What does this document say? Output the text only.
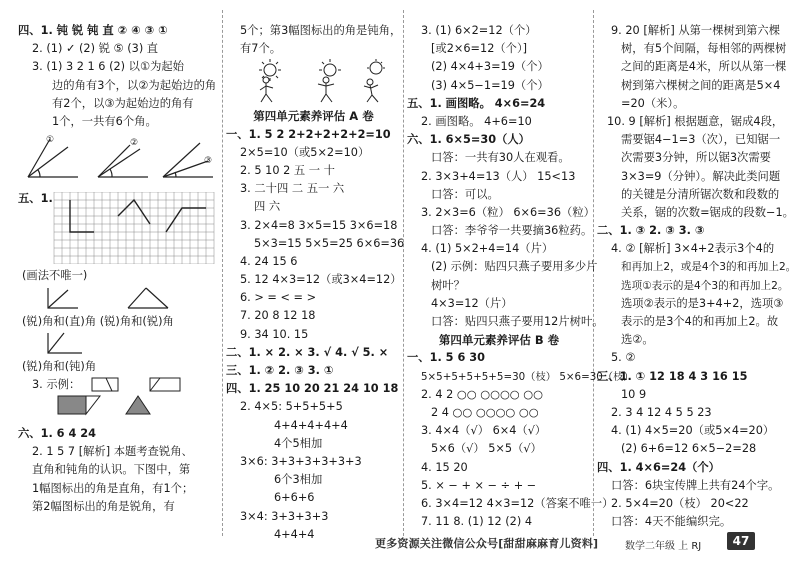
四、1. 钝 锐 钝 直 ② ④ ③ ①
2. (1) ✓ (2) 锐 ⑤ (3) 直
3. (1) 3 2 1 6 (2) 以①为起始
边的角有3个，以②为起始边的角
有2个，以③为起始边的角有
1个，一共有6个角。
①	②
③
五、1.
(画法不唯一)
(锐)角和(直)角 (锐)角和(锐)角
(锐)角和(钝)角
3. 示例：
六、1. 6 4 24
2. 1 5 7 [解析] 本题考查锐角、
直角和钝角的认识。下图中，第
1幅图标出的角是直角，有1个；
第2幅图标出的角是锐角，有
5个；第3幅图标出的角是钝角，
有7个。
第四单元素养评估 A 卷
一、1. 5 2 2+2+2+2+2=10
2×5=10（或5×2=10）
2. 5 10 2 五 一 十
3. 二十四 二 五一 六
四 六
3. 2×4=8 3×5=15 3×6=18
5×3=15 5×5=25 6×6=36
4. 24 15 6
5. 12 4×3=12（或3×4=12）
6. > = < = >
7. 20 8 12 18
9. 34 10. 15
二、1. × 2. × 3. √ 4. √ 5. ×
三、1. ② 2. ③ 3. ①
四、1. 25 10 20 21 24 10 18
2. 4×5: 5+5+5+5
4+4+4+4+4
4个5相加
3×6: 3+3+3+3+3+3
6个3相加
6+6+6
3×4: 3+3+3+3
4+4+4
3. (1) 6×2=12（个）
[或2×6=12（个）]
(2) 4×4+3=19（个）
(3) 4×5−1=19（个）
五、1. 画图略。 4×6=24
2. 画图略。 4+6=10
六、1. 6×5=30（人）
口答：一共有30人在观看。
2. 3×3+4=13（人） 15<13
口答：可以。
3. 2×3=6（粒） 6×6=36（粒）
口答：李爷爷一共要摘36粒药。
4. (1) 5×2+4=14（片）
(2) 示例：贴四只燕子要用多少片
树叶？
4×3=12（片）
口答：贴四只燕子要用12片树叶。
第四单元素养评估 B 卷
一、1. 5 6 30
5×5+5+5+5+5=30（枝） 5×6=30（枝）
2. 4 2 ○○ ○○○○ ○○
2 4 ○○ ○○○○ ○○
3. 4×4（√） 6×4（√）
5×6（√） 5×5（√）
4. 15 20
5. × − + × − ÷ + −
6. 3×4=12 4×3=12（答案不唯一）
7. 11 8. (1) 12 (2) 4
9. 20 [解析] 从第一棵树到第六棵
树，有5个间隔，每相邻的两棵树
之间的距离是4米，所以从第一棵
树到第六棵树之间的距离是5×4
=20（米）。
10. 9 [解析] 根据题意，锯成4段，
需要锯4−1=3（次），已知锯一
次需要3分钟，所以锯3次需要
3×3=9（分钟）。解决此类问题
的关键是分清所锯次数和段数的
关系，锯的次数=锯成的段数−1。
二、1. ③ 2. ③ 3. ③
4. ② [解析] 3×4+2表示3个4的
和再加上2，或是4个3的和再加上2。
选项①表示的是4个3的和再加上2。
选项②表示的是3+4+2，选项③
表示的是3个4的和再加上2。故
选②。
5. ②
三、1. ① 12 18 4 3 16 15
10 9
2. 3 4 12 4 5 5 23
4. (1) 4×5=20（或5×4=20）
(2) 6+6=12 6×5−2=28
四、1. 4×6=24（个）
口答：6块宝传牌上共有24个字。
2. 5×4=20（枝） 20<22
口答：4天不能编织完。
更多资源关注微信公众号[甜甜麻麻育儿资料]	数学二年级 上 RJ	47
